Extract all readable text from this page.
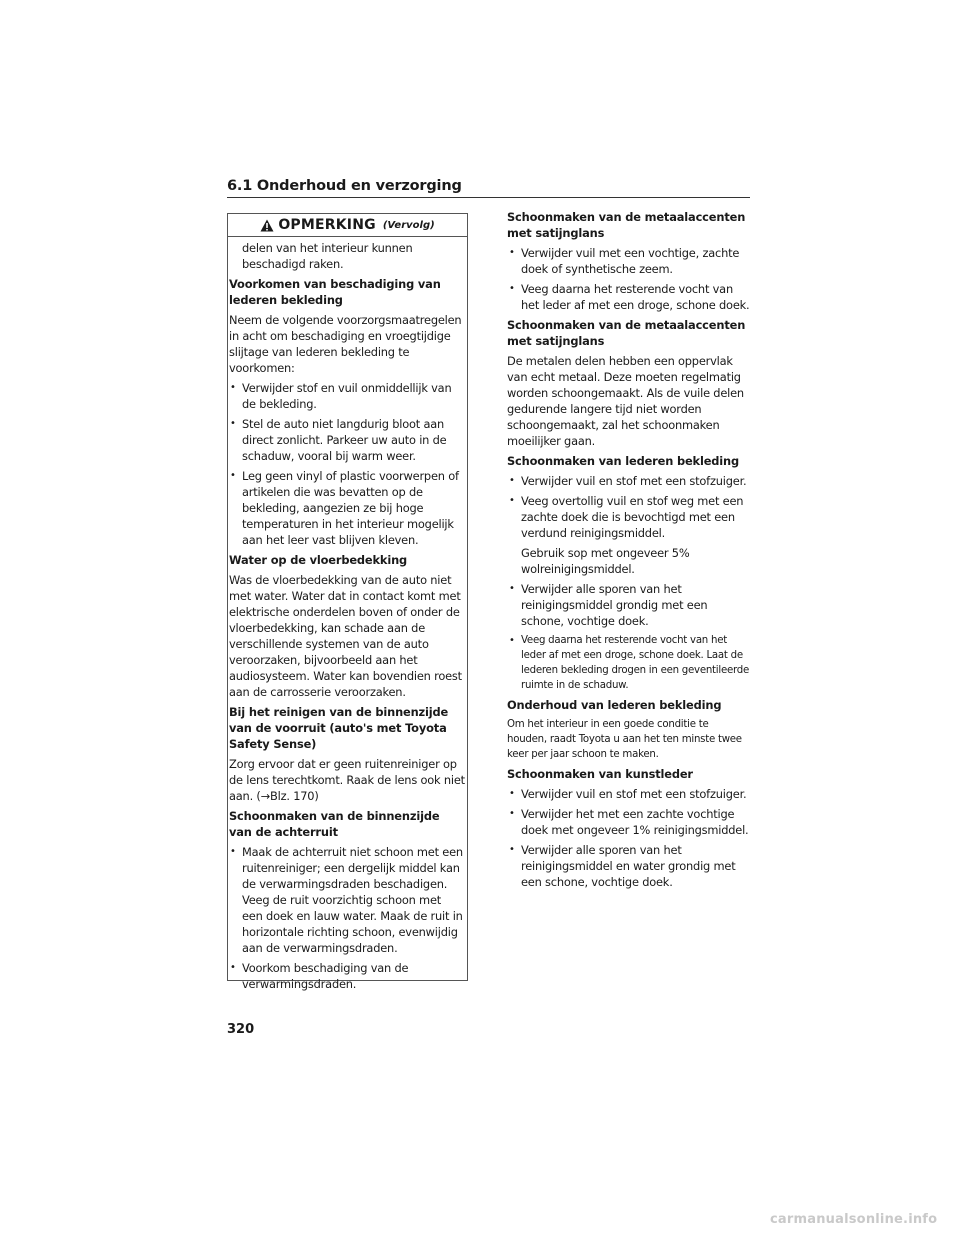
6.1 Onderhoud en verzorging
OPMERKING (Vervolg)

delen van het interieur kunnen beschadigd raken.

Voorkomen van beschadiging van lederen bekleding

Neem de volgende voorzorgsmaatregelen in acht om beschadiging en vroegtijdige slijtage van lederen bekleding te voorkomen:

• Verwijder stof en vuil onmiddellijk van de bekleding.
• Stel de auto niet langdurig bloot aan direct zonlicht. Parkeer uw auto in de schaduw, vooral bij warm weer.
• Leg geen vinyl of plastic voorwerpen of artikelen die was bevatten op de bekleding, aangezien ze bij hoge temperaturen in het interieur mogelijk aan het leer vast blijven kleven.

Water op de vloerbedekking

Was de vloerbedekking van de auto niet met water. Water dat in contact komt met elektrische onderdelen boven of onder de vloerbedekking, kan schade aan de verschillende systemen van de auto veroorzaken, bijvoorbeeld aan het audiosysteem. Water kan bovendien roest aan de carrosserie veroorzaken.

Bij het reinigen van de binnenzijde van de voorruit (auto's met Toyota Safety Sense)

Zorg ervoor dat er geen ruitenreiniger op de lens terechtkomt. Raak de lens ook niet aan. (→Blz. 170)

Schoonmaken van de binnenzijde van de achterruit

• Maak de achterruit niet schoon met een ruitenreiniger; een dergelijk middel kan de verwarmingsdraden beschadigen. Veeg de ruit voorzichtig schoon met een doek en lauw water. Maak de ruit in horizontale richting schoon, evenwijdig aan de verwarmingsdraden.
• Voorkom beschadiging van de verwarmingsdraden.

Schoonmaken van de metaalaccenten met satijnglans

• Verwijder vuil met een vochtige, zachte doek of synthetische zeem.
• Veeg daarna het resterende vocht van het leder af met een droge, schone doek.

Schoonmaken van de metaalaccenten met satijnglans

De metalen delen hebben een oppervlak van echt metaal. Deze moeten regelmatig worden schoongemaakt. Als de vuile delen gedurende langere tijd niet worden schoongemaakt, zal het schoonmaken moeilijker gaan.

Schoonmaken van lederen bekleding

• Verwijder vuil en stof met een stofzuiger.
• Veeg overtollig vuil en stof weg met een zachte doek die is bevochtigd met een verdund reinigingsmiddel.

Gebruik sop met ongeveer 5% wolreinigingsmiddel.

• Verwijder alle sporen van het reinigingsmiddel grondig met een schone, vochtige doek.
• Veeg daarna het resterende vocht van het leder af met een droge, schone doek. Laat de lederen bekleding drogen in een geventileerde ruimte in de schaduw.

Onderhoud van lederen bekleding

Om het interieur in een goede conditie te houden, raadt Toyota u aan het ten minste twee keer per jaar schoon te maken.

Schoonmaken van kunstleder

• Verwijder vuil en stof met een stofzuiger.
• Verwijder het met een zachte vochtige doek met ongeveer 1% reinigingsmiddel.
• Verwijder alle sporen van het reinigingsmiddel en water grondig met een schone, vochtige doek.
320
carmanualsonline.info
